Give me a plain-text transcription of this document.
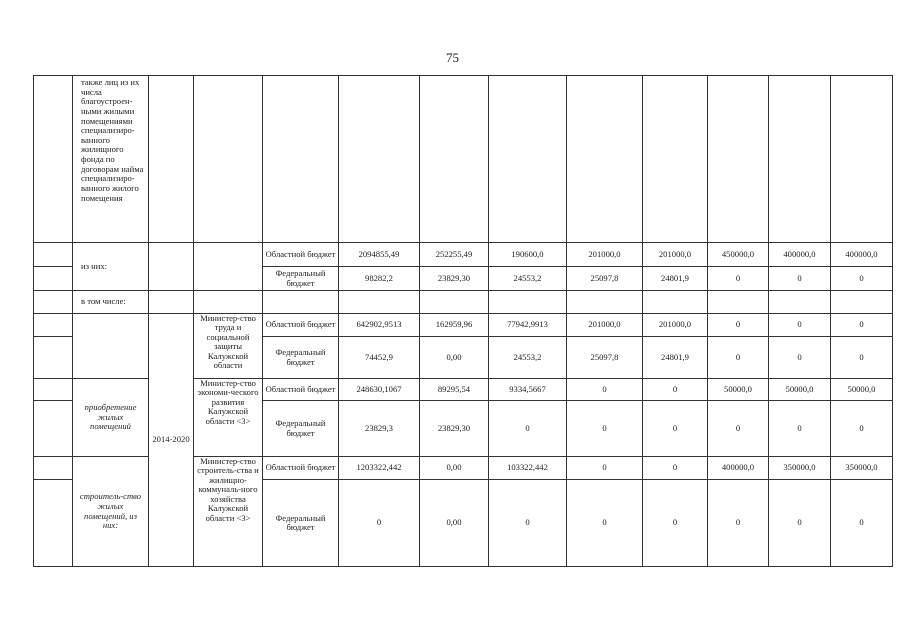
75
	также лиц из их числа благоустроен-ными жилыми помещениями специализиро-ванного жилищного фонда по договорам найма специализиро-ванного жилого помещения											
	из них:			Областной бюджет	2094855,49	252255,49	190600,0	201000,0	201000,0	450000,0	400000,0	400000,0
				Федеральный бюджет	98282,2	23829,30	24553,2	25097,8	24801,9	0	0	0
	в том числе:											
		2014-2020	Министер-ство труда и социальной защиты Калужской области	Областной бюджет	642902,9513	162959,96	77942,9913	201000,0	201000,0	0	0	0
				Федеральный бюджет	74452,9	0,00	24553,2	25097,8	24801,9	0	0	0
	приобретение жилых помещений		Министер-ство экономи-ческого развития Калужской области <3>	Областной бюджет	248630,1067	89295,54	9334,5667	0	0	50000,0	50000,0	50000,0
				Федеральный бюджет	23829,3	23829,30	0	0	0	0	0	0
	строитель-ство жилых помещений, из них:		Министер-ство строитель-ства и жилищно-коммуналь-ного хозяйства Калужской области <3>	Областной бюджет	1203322,442	0,00	103322,442	0	0	400000,0	350000,0	350000,0
				Федеральный бюджет	0	0,00	0	0	0	0	0	0
